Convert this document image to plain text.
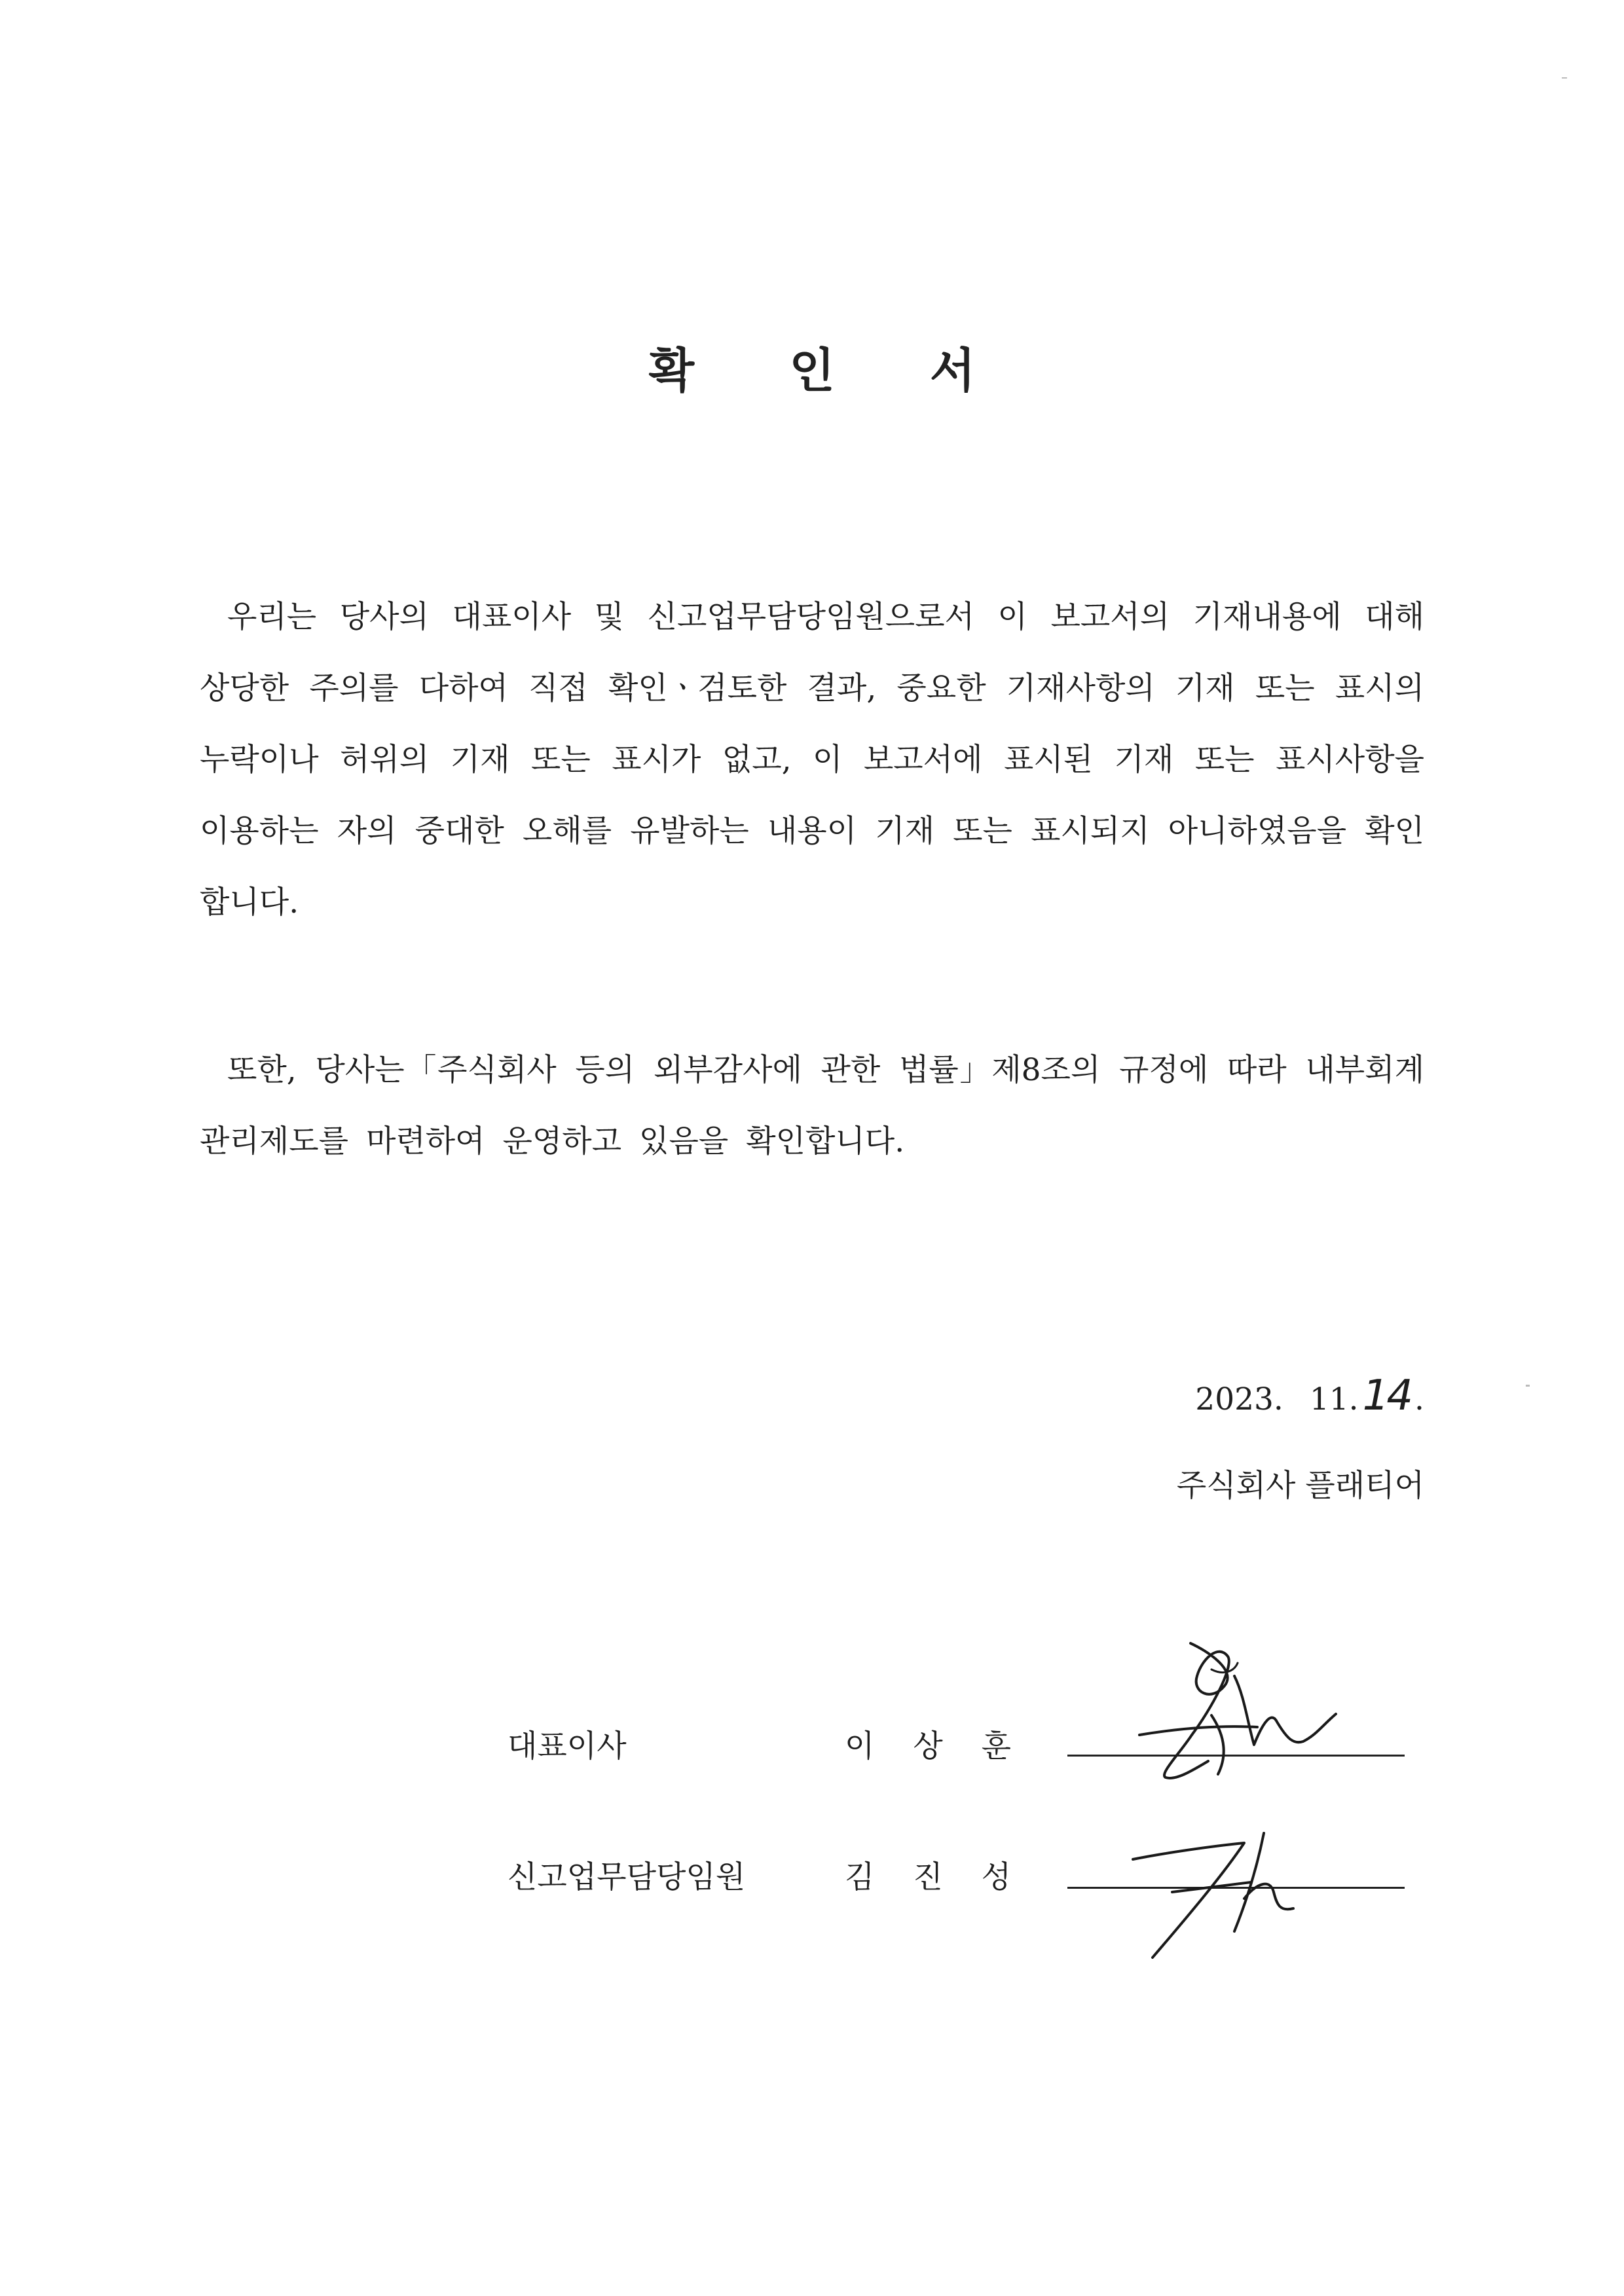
확 인 서

우리는 당사의 대표이사 및 신고업무담당임원으로서 이 보고서의 기재내용에 대해 상당한 주의를 다하여 직접 확인ㆍ검토한 결과, 중요한 기재사항의 기재 또는 표시의 누락이나 허위의 기재 또는 표시가 없고, 이 보고서에 표시된 기재 또는 표시사항을 이용하는 자의 중대한 오해를 유발하는 내용이 기재 또는 표시되지 아니하였음을 확인합니다.

또한, 당사는「주식회사 등의 외부감사에 관한 법률」제8조의 규정에 따라 내부회계관리제도를 마련하여 운영하고 있음을 확인합니다.

2023. 11.14 .
주식회사 플래티어
대표이사	이 상 훈
신고업무담당임원	김 진 성
